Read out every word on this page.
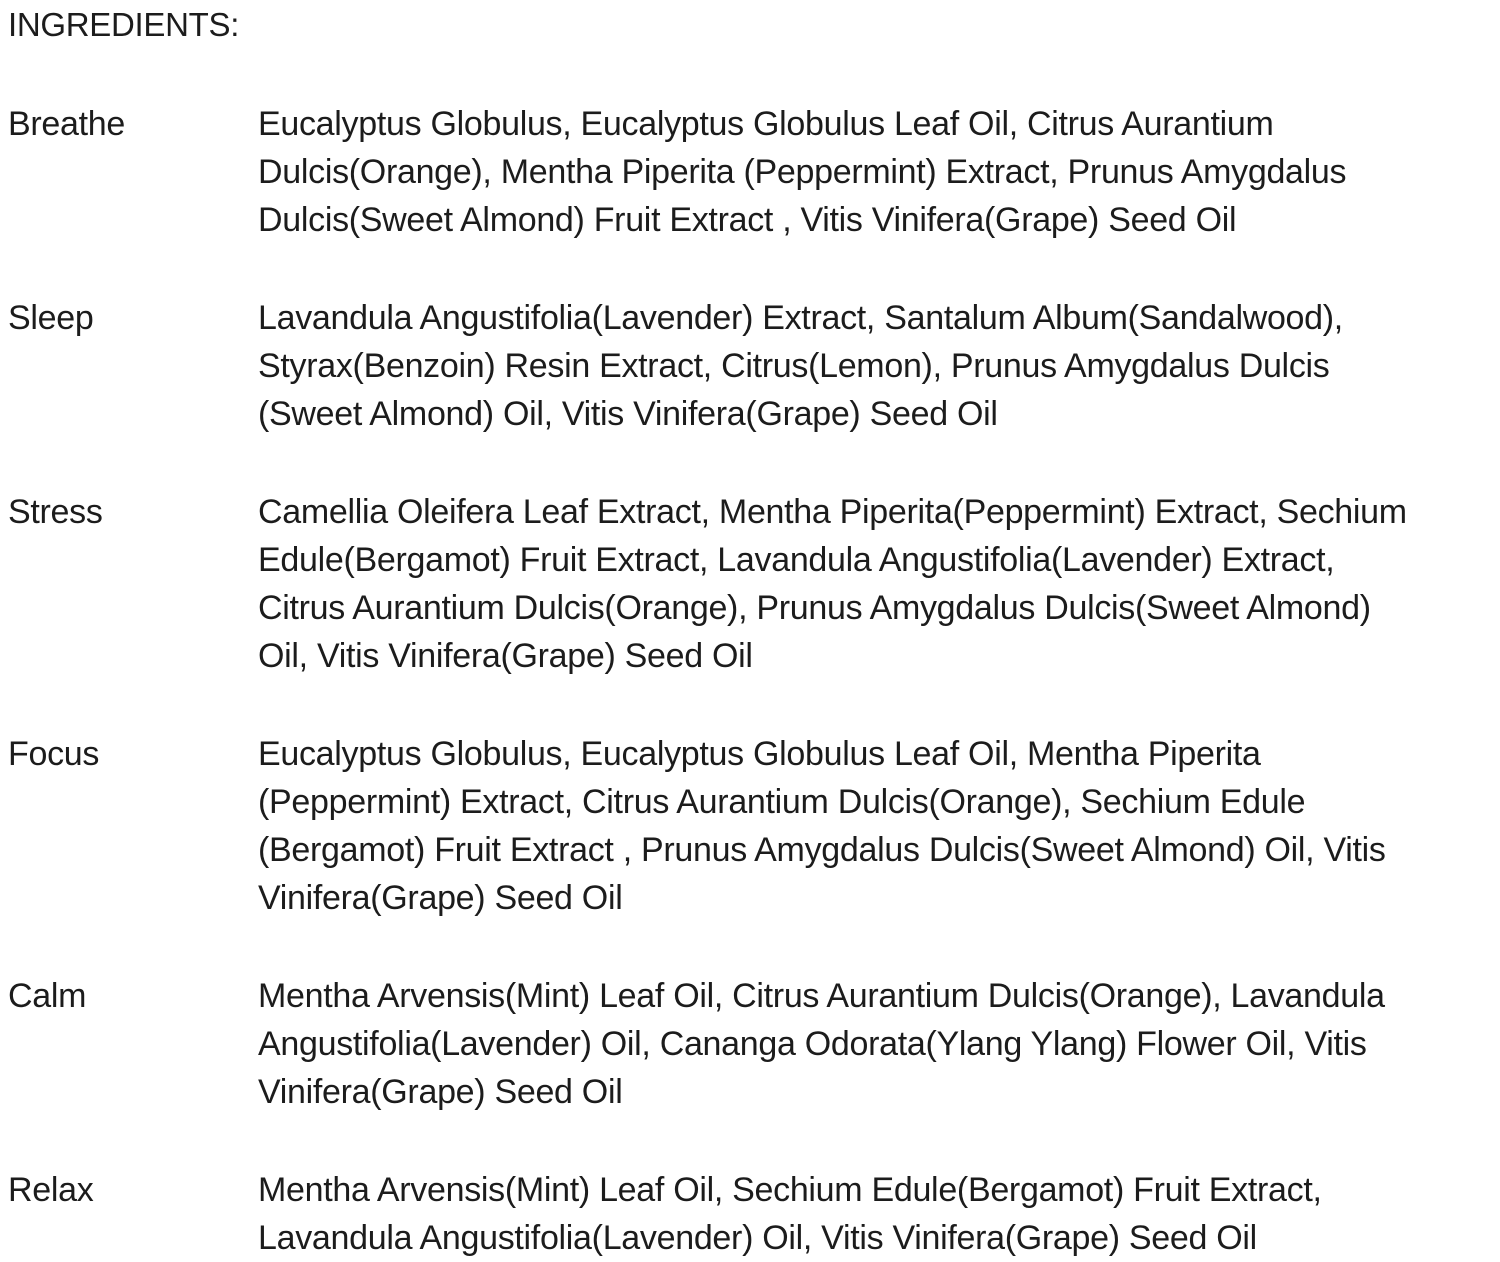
INGREDIENTS:
Breathe	Eucalyptus Globulus, Eucalyptus Globulus Leaf Oil, Citrus Aurantium Dulcis(Orange), Mentha Piperita (Peppermint) Extract, Prunus Amygdalus Dulcis(Sweet Almond) Fruit Extract , Vitis Vinifera(Grape) Seed Oil
Sleep	Lavandula Angustifolia(Lavender) Extract, Santalum Album(Sandalwood), Styrax(Benzoin) Resin Extract, Citrus(Lemon), Prunus Amygdalus Dulcis (Sweet Almond) Oil, Vitis Vinifera(Grape) Seed Oil
Stress	Camellia Oleifera Leaf Extract, Mentha Piperita(Peppermint) Extract, Sechium Edule(Bergamot) Fruit Extract, Lavandula Angustifolia(Lavender) Extract, Citrus Aurantium Dulcis(Orange), Prunus Amygdalus Dulcis(Sweet Almond) Oil, Vitis Vinifera(Grape) Seed Oil
Focus	Eucalyptus Globulus, Eucalyptus Globulus Leaf Oil, Mentha Piperita (Peppermint) Extract, Citrus Aurantium Dulcis(Orange), Sechium Edule (Bergamot) Fruit Extract , Prunus Amygdalus Dulcis(Sweet Almond) Oil, Vitis Vinifera(Grape) Seed Oil
Calm	Mentha Arvensis(Mint) Leaf Oil, Citrus Aurantium Dulcis(Orange), Lavandula Angustifolia(Lavender) Oil, Cananga Odorata(Ylang Ylang) Flower Oil, Vitis Vinifera(Grape) Seed Oil
Relax	Mentha Arvensis(Mint) Leaf Oil, Sechium Edule(Bergamot) Fruit Extract, Lavandula Angustifolia(Lavender) Oil, Vitis Vinifera(Grape) Seed Oil
